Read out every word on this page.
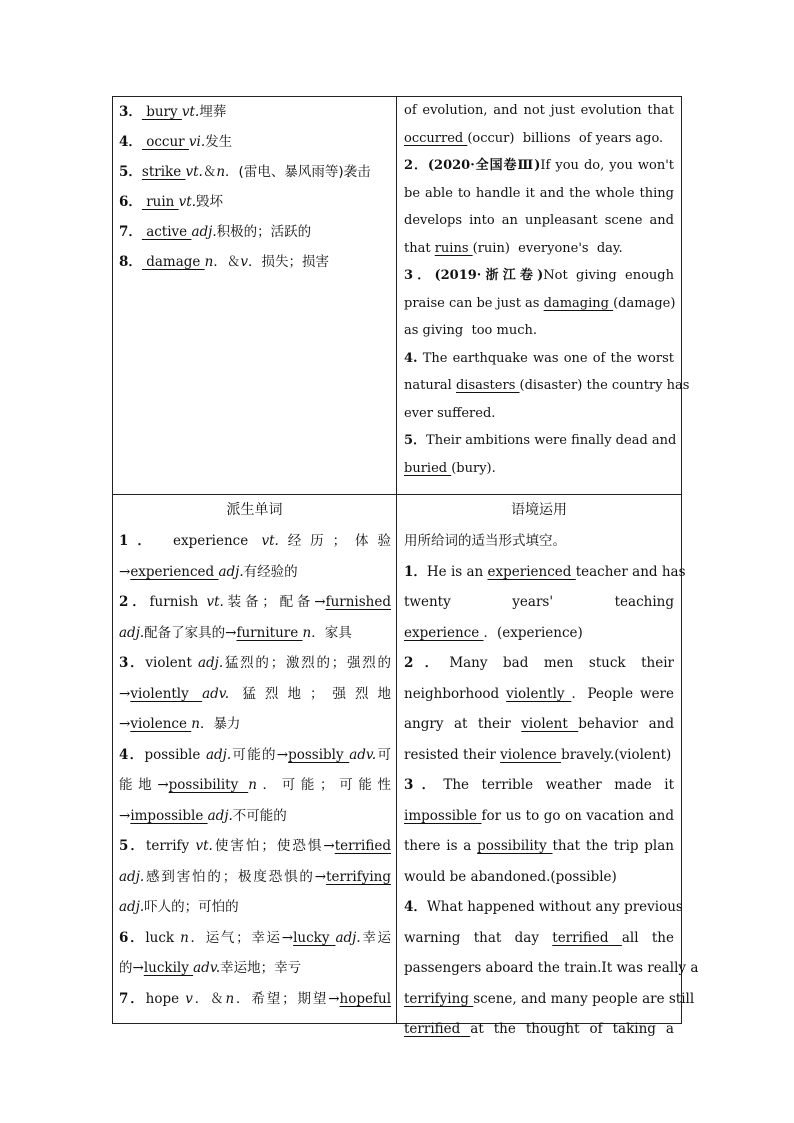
3． bury vt.埋葬
4． occur vi.发生
5．strike vt.＆n．(雷电、暴风雨等)袭击
6． ruin vt.毁坏
7． active adj.积极的；活跃的
8． damage n．＆v．损失；损害
of evolution, and not just evolution that
occurred (occur)  billions  of years ago.
2．(2020·全国卷Ⅲ)If you do, you won't
be able to handle it and the whole thing
develops into an unpleasant scene and
that ruins (ruin)  everyone's  day.
3．(2019·浙江卷)Not giving enough
praise can be just as damaging (damage)
as giving  too much.
4. The earthquake was one of the worst
natural disasters (disaster) the country has
ever suffered.
5．Their ambitions were finally dead and
buried (bury).
派生单词	语境运用
1． experience vt.经历；体验
→experienced adj.有经验的
2．furnish vt.装备；配备→furnished
adj.配备了家具的→furniture n．家具
3．violent adj.猛烈的；激烈的；强烈的
→violently adv. 猛烈地；强烈地
→violence n．暴力
4．possible adj.可能的→possibly adv.可
能地→possibility n．可能；可能性
→impossible adj.不可能的
5．terrify vt.使害怕；使恐惧→terrified
adj.感到害怕的；极度恐惧的→terrifying
adj.吓人的；可怕的
6．luck n．运气；幸运→lucky adj.幸运
的→luckily adv.幸运地；幸亏
7．hope v．＆n．希望；期望→hopeful
用所给词的适当形式填空。
1．He is an experienced teacher and has
twenty years' teaching
experience ．(experience)
2．Many bad men stuck their
neighborhood violently ．People were
angry at their violent behavior and
resisted their violence bravely.(violent)
3．The terrible weather made it
impossible for us to go on vacation and
there is a possibility that the trip plan
would be abandoned.(possible)
4．What happened without any previous
warning that day terrified all the
passengers aboard the train.It was really a
terrifying scene, and many people are still
terrified at the thought of taking a
